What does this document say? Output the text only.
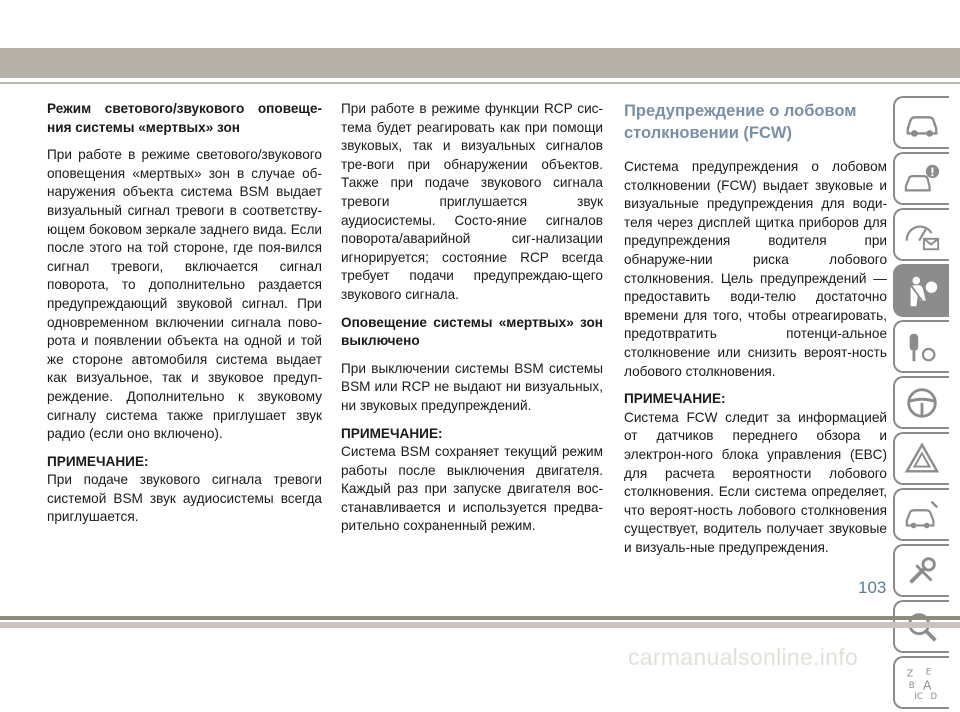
Режим светового/звукового оповеще-ния системы «мертвых» зон

При работе в режиме светового/звукового оповещения «мертвых» зон в случае об-наружения объекта система BSM выдает визуальный сигнал тревоги в соответству-ющем боковом зеркале заднего вида. Если после этого на той стороне, где поя-вился сигнал тревоги, включается сигнал поворота, то дополнительно раздается предупреждающий звуковой сигнал. При одновременном включении сигнала пово-рота и появлении объекта на одной и той же стороне автомобиля система выдает как визуальное, так и звуковое предуп-реждение. Дополнительно к звуковому сигналу система также приглушает звук радио (если оно включено).

ПРИМЕЧАНИЕ:

При подаче звукового сигнала тревоги системой BSM звук аудиосистемы всегда приглушается.

При работе в режиме функции RCP сис-тема будет реагировать как при помощи звуковых, так и визуальных сигналов тре-воги при обнаружении объектов. Также при подаче звукового сигнала тревоги приглушается звук аудиосистемы. Состо-яние сигналов поворота/аварийной сиг-нализации игнорируется; состояние RCP всегда требует подачи предупреждаю-щего звукового сигнала.

Оповещение системы «мертвых» зон выключено

При выключении системы BSM системы BSM или RCP не выдают ни визуальных, ни звуковых предупреждений.

ПРИМЕЧАНИЕ:

Система BSM сохраняет текущий режим работы после выключения двигателя. Каждый раз при запуске двигателя вос-станавливается и используется предва-рительно сохраненный режим.

Предупреждение о лобовом столкновении (FCW)

Система предупреждения о лобовом столкновении (FCW) выдает звуковые и визуальные предупреждения для води-теля через дисплей щитка приборов для предупреждения водителя при обнаруже-нии риска лобового столкновения. Цель предупреждений — предоставить води-телю достаточно времени для того, чтобы отреагировать, предотвратить потенци-альное столкновение или снизить вероят-ность лобового столкновения.

ПРИМЕЧАНИЕ:

Система FCW следит за информацией от датчиков переднего обзора и электрон-ного блока управления (EBC) для расчета вероятности лобового столкновения. Если система определяет, что вероят-ность лобового столкновения существует, водитель получает звуковые и визуаль-ные предупреждения.

Z E
B A
IC D
103
carmanualsonline.info
